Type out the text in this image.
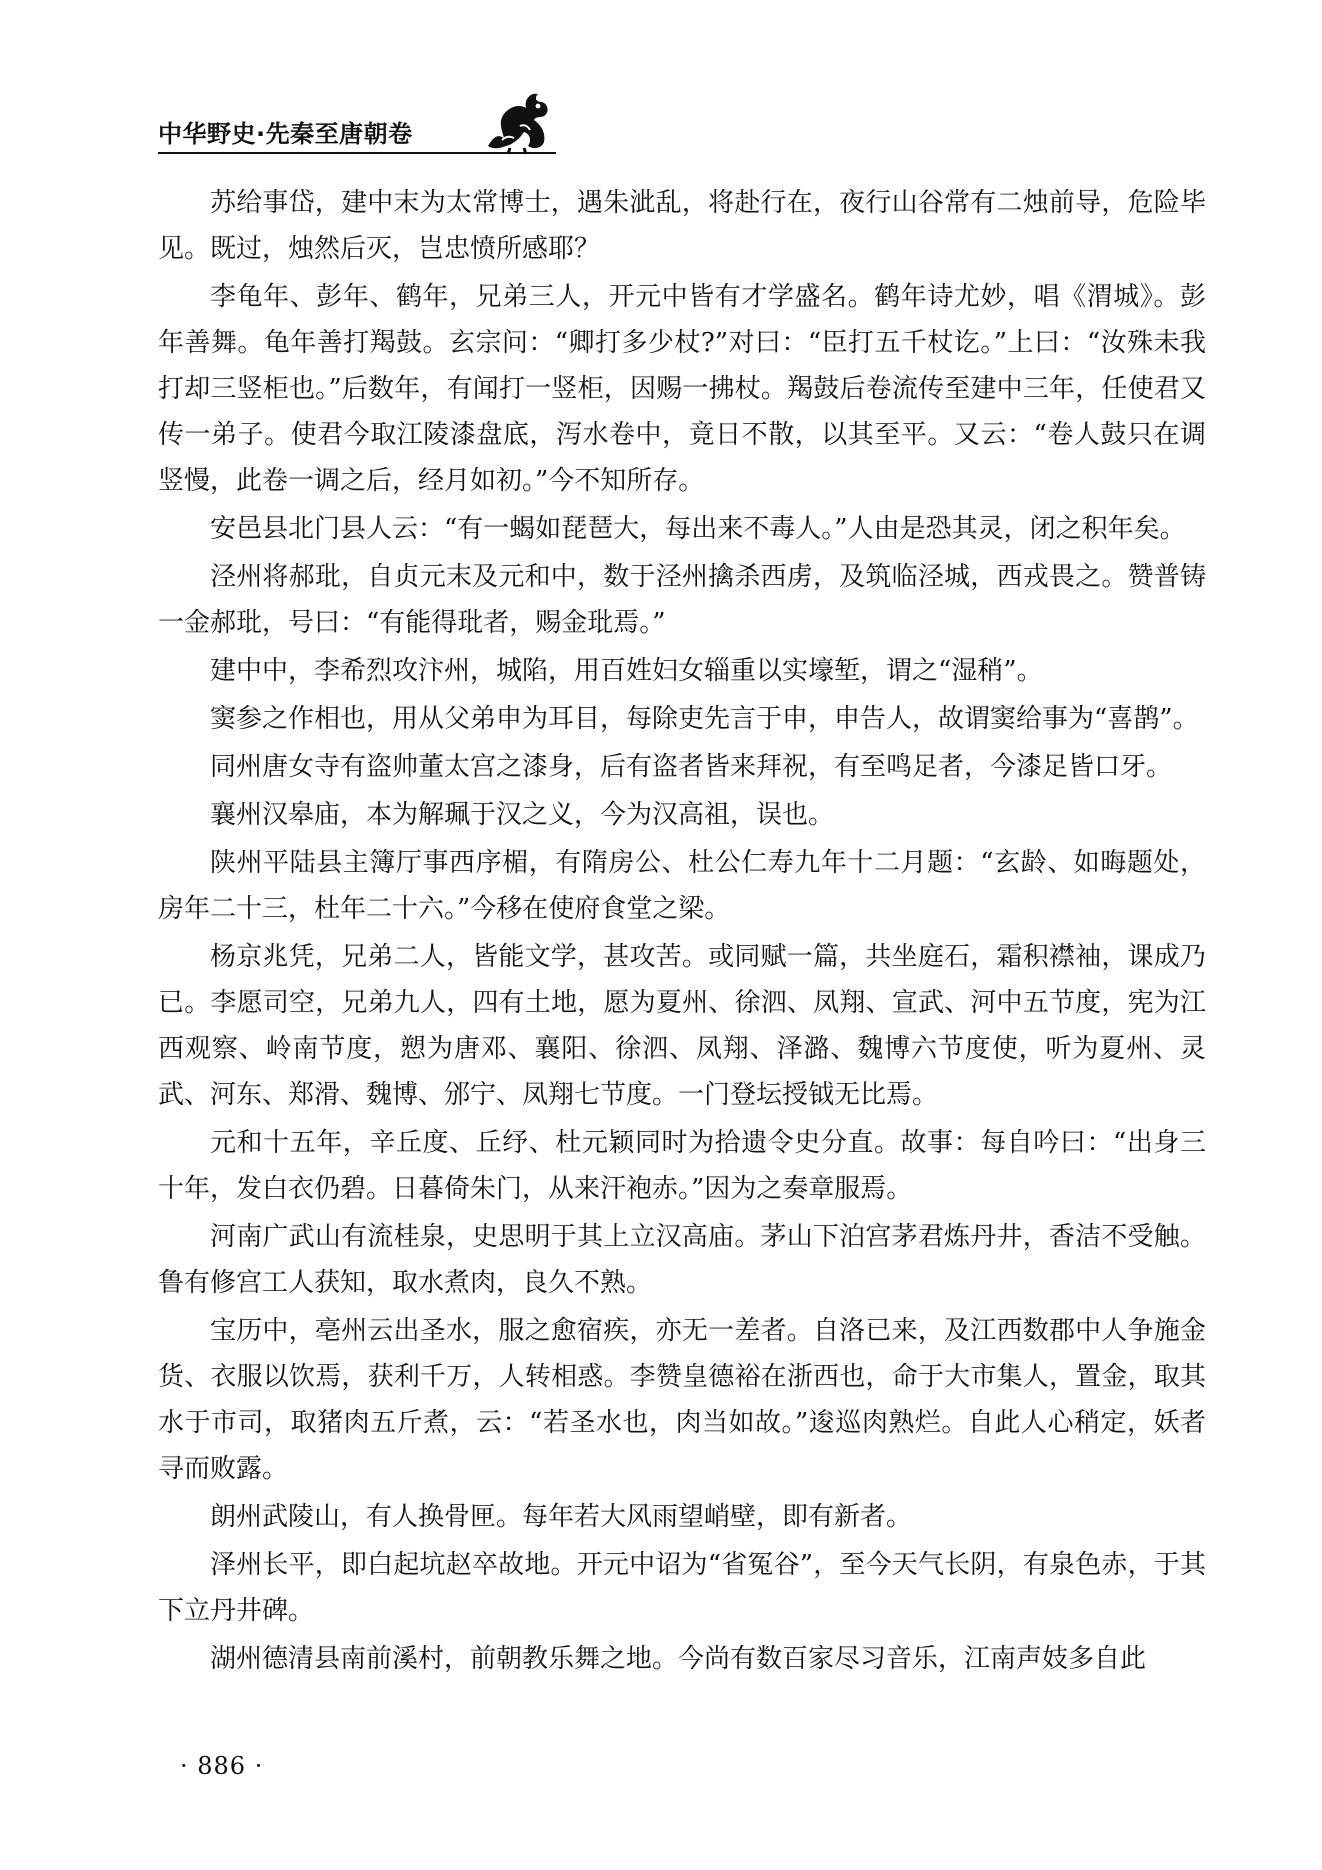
中华野史·先秦至唐朝卷

苏给事岱，建中末为太常博士，遇朱泚乱，将赴行在，夜行山谷常有二烛前导，危险毕见。既过，烛然后灭，岂忠愤所感耶？

李龟年、彭年、鹤年，兄弟三人，开元中皆有才学盛名。鹤年诗尤妙，唱《渭城》。彭年善舞。龟年善打羯鼓。玄宗问：“卿打多少杖?”对曰：“臣打五千杖讫。”上曰：“汝殊未我打却三竖柜也。”后数年，有闻打一竖柜，因赐一拂杖。羯鼓后卷流传至建中三年，任使君又传一弟子。使君今取江陵漆盘底，泻水卷中，竟日不散，以其至平。又云：“卷人鼓只在调竖慢，此卷一调之后，经月如初。”今不知所存。

安邑县北门县人云：“有一蝎如琵琶大，每出来不毒人。”人由是恐其灵，闭之积年矣。

泾州将郝玭，自贞元末及元和中，数于泾州擒杀西虏，及筑临泾城，西戎畏之。赞普铸一金郝玭，号曰：“有能得玭者，赐金玭焉。”

建中中，李希烈攻汴州，城陷，用百姓妇女辎重以实壕堑，谓之“湿稍”。

窦参之作相也，用从父弟申为耳目，每除吏先言于申，申告人，故谓窦给事为“喜鹊”。

同州唐女寺有盗帅董太宫之漆身，后有盗者皆来拜祝，有至鸣足者，今漆足皆口牙。

襄州汉皋庙，本为解珮于汉之义，今为汉高祖，误也。

陕州平陆县主簿厅事西序楣，有隋房公、杜公仁寿九年十二月题：“玄龄、如晦题处，房年二十三，杜年二十六。”今移在使府食堂之梁。

杨京兆凭，兄弟二人，皆能文学，甚攻苦。或同赋一篇，共坐庭石，霜积襟袖，课成乃已。李愿司空，兄弟九人，四有土地，愿为夏州、徐泗、凤翔、宣武、河中五节度，宪为江西观察、岭南节度，愬为唐邓、襄阳、徐泗、凤翔、泽潞、魏博六节度使，听为夏州、灵武、河东、郑滑、魏博、邠宁、凤翔七节度。一门登坛授钺无比焉。

元和十五年，辛丘度、丘纾、杜元颖同时为拾遗令史分直。故事：每自吟曰：“出身三十年，发白衣仍碧。日暮倚朱门，从来汗袍赤。”因为之奏章服焉。

河南广武山有流桂泉，史思明于其上立汉高庙。茅山下泊宫茅君炼丹井，香洁不受触。鲁有修宫工人获知，取水煮肉，良久不熟。

宝历中，亳州云出圣水，服之愈宿疾，亦无一差者。自洛已来，及江西数郡中人争施金货、衣服以饮焉，获利千万，人转相惑。李赞皇德裕在浙西也，命于大市集人，置金，取其水于市司，取猪肉五斤煮，云：“若圣水也，肉当如故。”逡巡肉熟烂。自此人心稍定，妖者寻而败露。

朗州武陵山，有人换骨匣。每年若大风雨望峭壁，即有新者。

泽州长平，即白起坑赵卒故地。开元中诏为“省冤谷”，至今天气长阴，有泉色赤，于其下立丹井碑。

湖州德清县南前溪村，前朝教乐舞之地。今尚有数百家尽习音乐，江南声妓多自此

· 886 ·
